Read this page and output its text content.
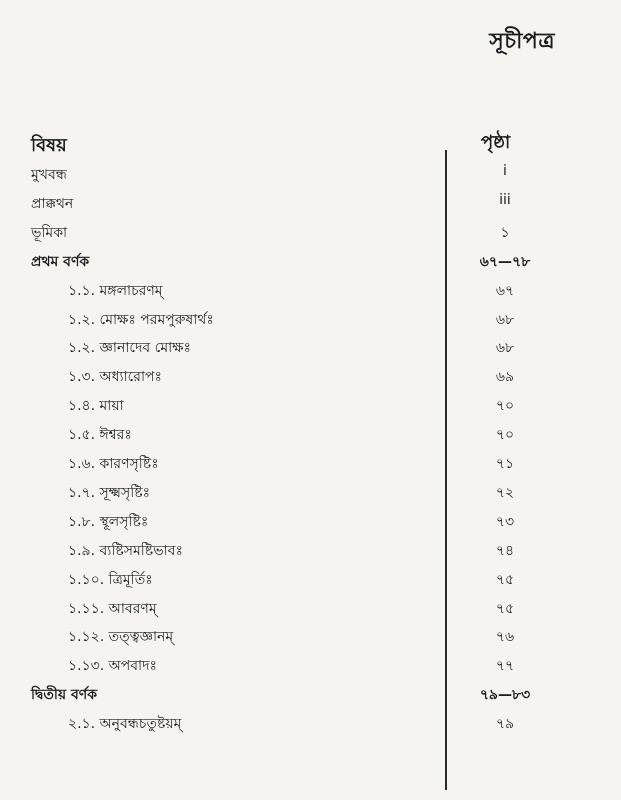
সূচীপত্র
বিষয়	পৃষ্ঠা
মুখবন্ধ	i
প্রাক্কথন	iii
ভূমিকা	১
প্রথম বর্ণক	৬৭—৭৮
১.১. মঙ্গলাচরণম্	৬৭
১.২. মোক্ষঃ পরমপুরুষার্থঃ	৬৮
১.২. জ্ঞানাদেব মোক্ষঃ	৬৮
১.৩. অধ্যারোপঃ	৬৯
১.৪. মায়া	৭০
১.৫. ঈশ্বরঃ	৭০
১.৬. কারণসৃষ্টিঃ	৭১
১.৭. সূক্ষ্মসৃষ্টিঃ	৭২
১.৮. স্থূলসৃষ্টিঃ	৭৩
১.৯. ব্যষ্টিসমষ্টিভাবঃ	৭৪
১.১০. ত্রিমূর্তিঃ	৭৫
১.১১. আবরণম্	৭৫
১.১২. তত্ত্বজ্ঞানম্	৭৬
১.১৩. অপবাদঃ	৭৭
দ্বিতীয় বর্ণক	৭৯—৮৩
২.১. অনুবন্ধচতুষ্টয়ম্	৭৯
